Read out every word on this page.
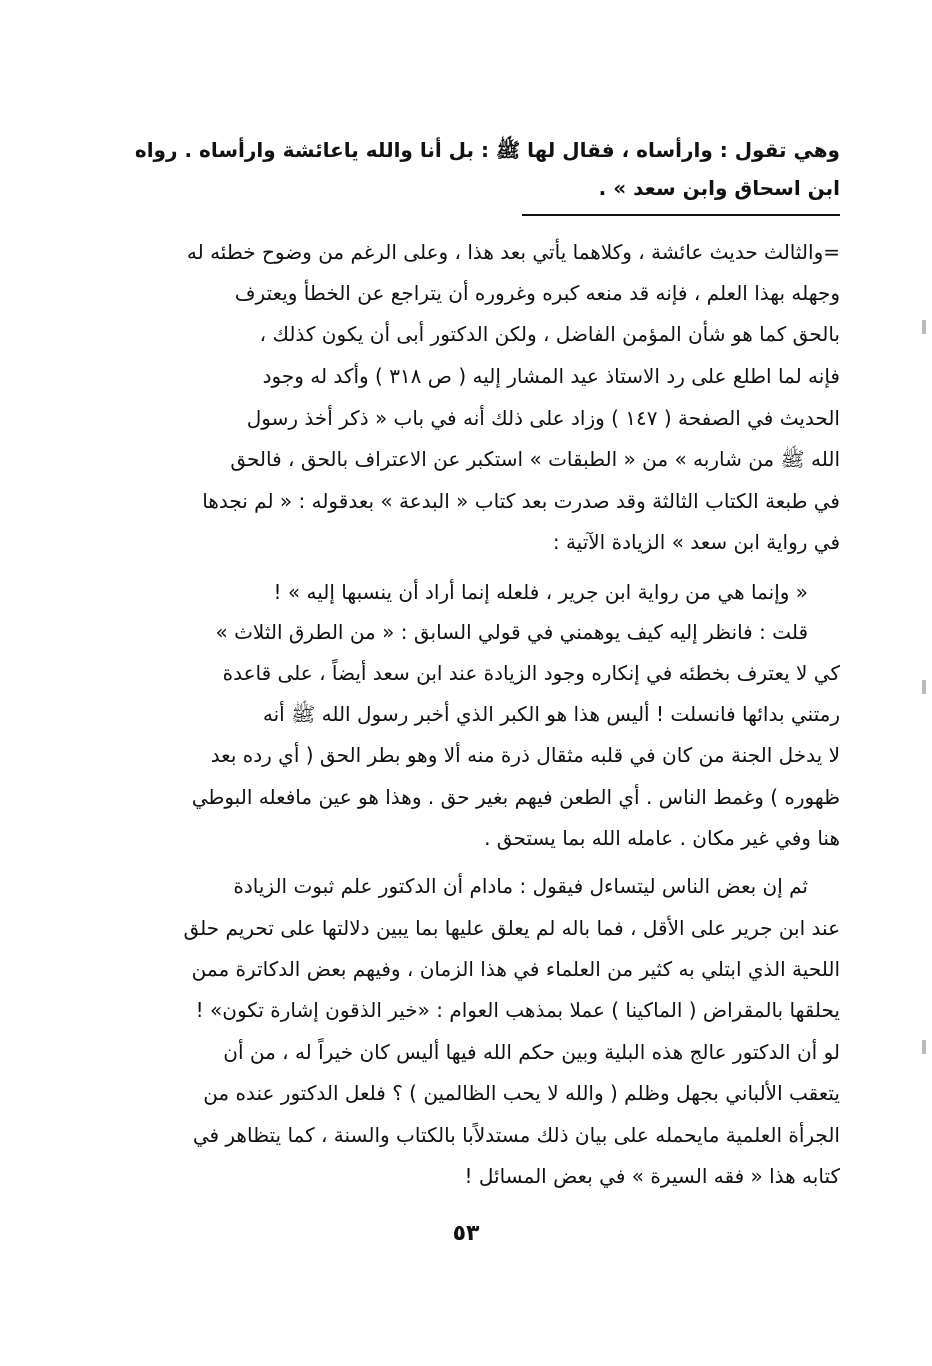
وهي تقول : وارأساه ، فقال لها ﷺ : بل أنا والله ياعائشة وارأساه . رواه
ابن اسحاق وابن سعد » .
=والثالث حديث عائشة ، وكلاهما يأتي بعد هذا ، وعلى الرغم من وضوح خطئه له
وجهله بهذا العلم ، فإنه قد منعه كبره وغروره أن يتراجع عن الخطأ ويعترف
بالحق كما هو شأن المؤمن الفاضل ، ولكن الدكتور أبى أن يكون كذلك ،
فإنه لما اطلع على رد الاستاذ عيد المشار إليه ( ص ٣١٨ ) وأكد له وجود
الحديث في الصفحة ( ١٤٧ ) وزاد على ذلك أنه في باب « ذكر أخذ رسول
الله ﷺ من شاربه » من « الطبقات » استكبر عن الاعتراف بالحق ، فالحق
في طبعة الكتاب الثالثة وقد صدرت بعد كتاب « البدعة » بعدقوله : « لم نجدها
في رواية ابن سعد » الزيادة الآتية :
« وإنما هي من رواية ابن جرير ، فلعله إنما أراد أن ينسبها إليه » !
قلت : فانظر إليه كيف يوهمني في قولي السابق : « من الطرق الثلاث »
كي لا يعترف بخطئه في إنكاره وجود الزيادة عند ابن سعد أيضاً ، على قاعدة
رمتني بدائها فانسلت ! أليس هذا هو الكبر الذي أخبر رسول الله ﷺ أنه
لا يدخل الجنة من كان في قلبه مثقال ذرة منه ألا وهو بطر الحق ( أي رده بعد
ظهوره ) وغمط الناس . أي الطعن فيهم بغير حق . وهذا هو عين مافعله البوطي
هنا وفي غير مكان . عامله الله بما يستحق .
ثم إن بعض الناس ليتساءل فيقول : مادام أن الدكتور علم ثبوت الزيادة
عند ابن جرير على الأقل ، فما باله لم يعلق عليها بما يبين دلالتها على تحريم حلق
اللحية الذي ابتلي به كثير من العلماء في هذا الزمان ، وفيهم بعض الدكاترة ممن
يحلقها بالمقراض ( الماكينا ) عملا بمذهب العوام : «خير الذقون إشارة تكون» !
لو أن الدكتور عالج هذه البلية وبين حكم الله فيها أليس كان خيراً له ، من أن
يتعقب الألباني بجهل وظلم ( والله لا يحب الظالمين ) ؟ فلعل الدكتور عنده من
الجرأة العلمية مايحمله على بيان ذلك مستدلاًبا بالكتاب والسنة ، كما يتظاهر في
كتابه هذا « فقه السيرة » في بعض المسائل !
٥٣
